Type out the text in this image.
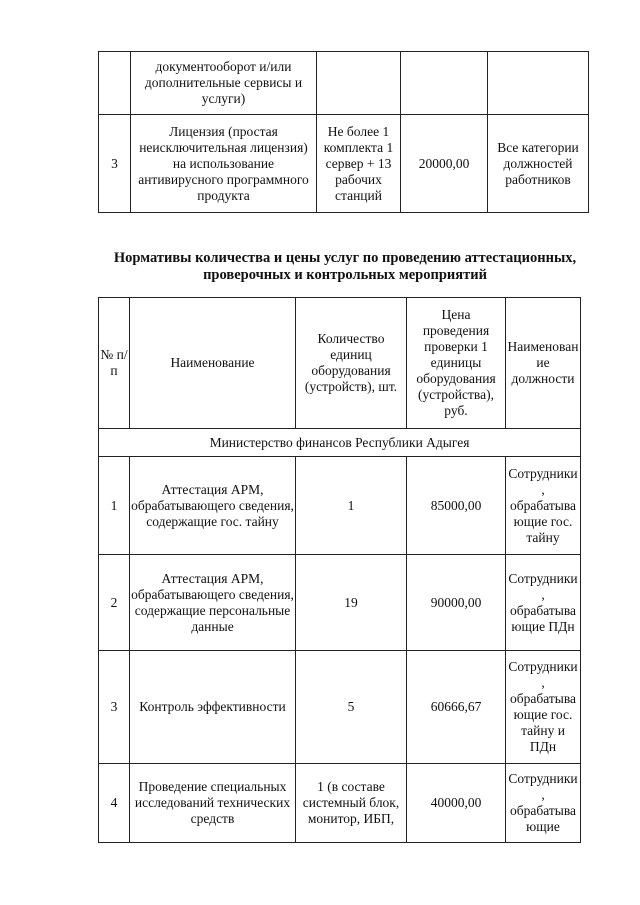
	документооборот и/или дополнительные сервисы и услуги)			
3	Лицензия (простая неисключительная лицензия) на использование антивирусного программного продукта	Не более 1 комплекта 1 сервер + 13 рабочих станций	20000,00	Все категории должностей работников
Нормативы количества и цены услуг по проведению аттестационных, проверочных и контрольных мероприятий
№ п/п	Наименование	Количество единиц оборудования (устройств), шт.	Цена проведения проверки 1 единицы оборудования (устройства), руб.	Наименование должности
Министерство финансов Республики Адыгея				
1	Аттестация АРМ, обрабатывающего сведения, содержащие гос. тайну	1	85000,00	Сотрудники, обрабатывающие гос. тайну
2	Аттестация АРМ, обрабатывающего сведения, содержащие персональные данные	19	90000,00	Сотрудники, обрабатывающие ПДн
3	Контроль эффективности	5	60666,67	Сотрудники, обрабатывающие гос. тайну и ПДн
4	Проведение специальных исследований технических средств	1 (в составе системный блок, монитор, ИБП,	40000,00	Сотрудники, обрабатывающие
